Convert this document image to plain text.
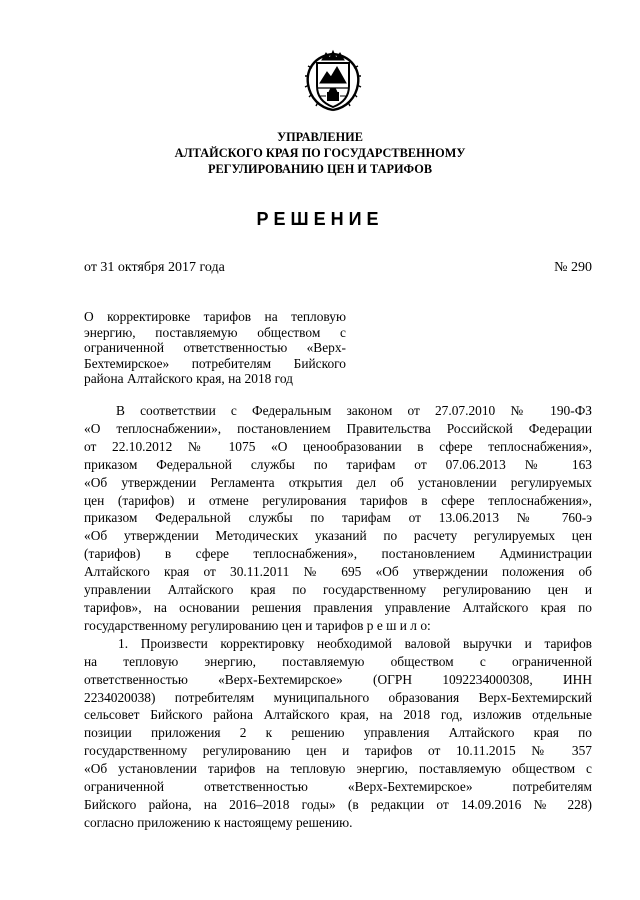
УПРАВЛЕНИЕ
АЛТАЙСКОГО КРАЯ ПО ГОСУДАРСТВЕННОМУ
РЕГУЛИРОВАНИЮ ЦЕН И ТАРИФОВ
РЕШЕНИЕ
от 31 октября 2017 года	№ 290
О корректировке тарифов на тепловую
энергию, поставляемую обществом с
ограниченной ответственностью «Верх-
Бехтемирское» потребителям Бийского
района Алтайского края, на 2018 год
В соответствии с Федеральным законом от 27.07.2010 № 190-ФЗ
«О теплоснабжении», постановлением Правительства Российской Федерации
от 22.10.2012 № 1075 «О ценообразовании в сфере теплоснабжения»,
приказом Федеральной службы по тарифам от 07.06.2013 № 163
«Об утверждении Регламента открытия дел об установлении регулируемых
цен (тарифов) и отмене регулирования тарифов в сфере теплоснабжения»,
приказом Федеральной службы по тарифам от 13.06.2013 № 760-э
«Об утверждении Методических указаний по расчету регулируемых цен
(тарифов) в сфере теплоснабжения», постановлением Администрации
Алтайского края от 30.11.2011 № 695 «Об утверждении положения об
управлении Алтайского края по государственному регулированию цен и
тарифов», на основании решения правления управление Алтайского края по
государственному регулированию цен и тарифов р е ш и л о:
1. Произвести корректировку необходимой валовой выручки и тарифов
на тепловую энергию, поставляемую обществом с ограниченной
ответственностью «Верх-Бехтемирское» (ОГРН 1092234000308, ИНН
2234020038) потребителям муниципального образования Верх-Бехтемирский
сельсовет Бийского района Алтайского края, на 2018 год, изложив отдельные
позиции приложения 2 к решению управления Алтайского края по
государственному регулированию цен и тарифов от 10.11.2015 № 357
«Об установлении тарифов на тепловую энергию, поставляемую обществом с
ограниченной ответственностью «Верх-Бехтемирское» потребителям
Бийского района, на 2016–2018 годы» (в редакции от 14.09.2016 № 228)
согласно приложению к настоящему решению.
